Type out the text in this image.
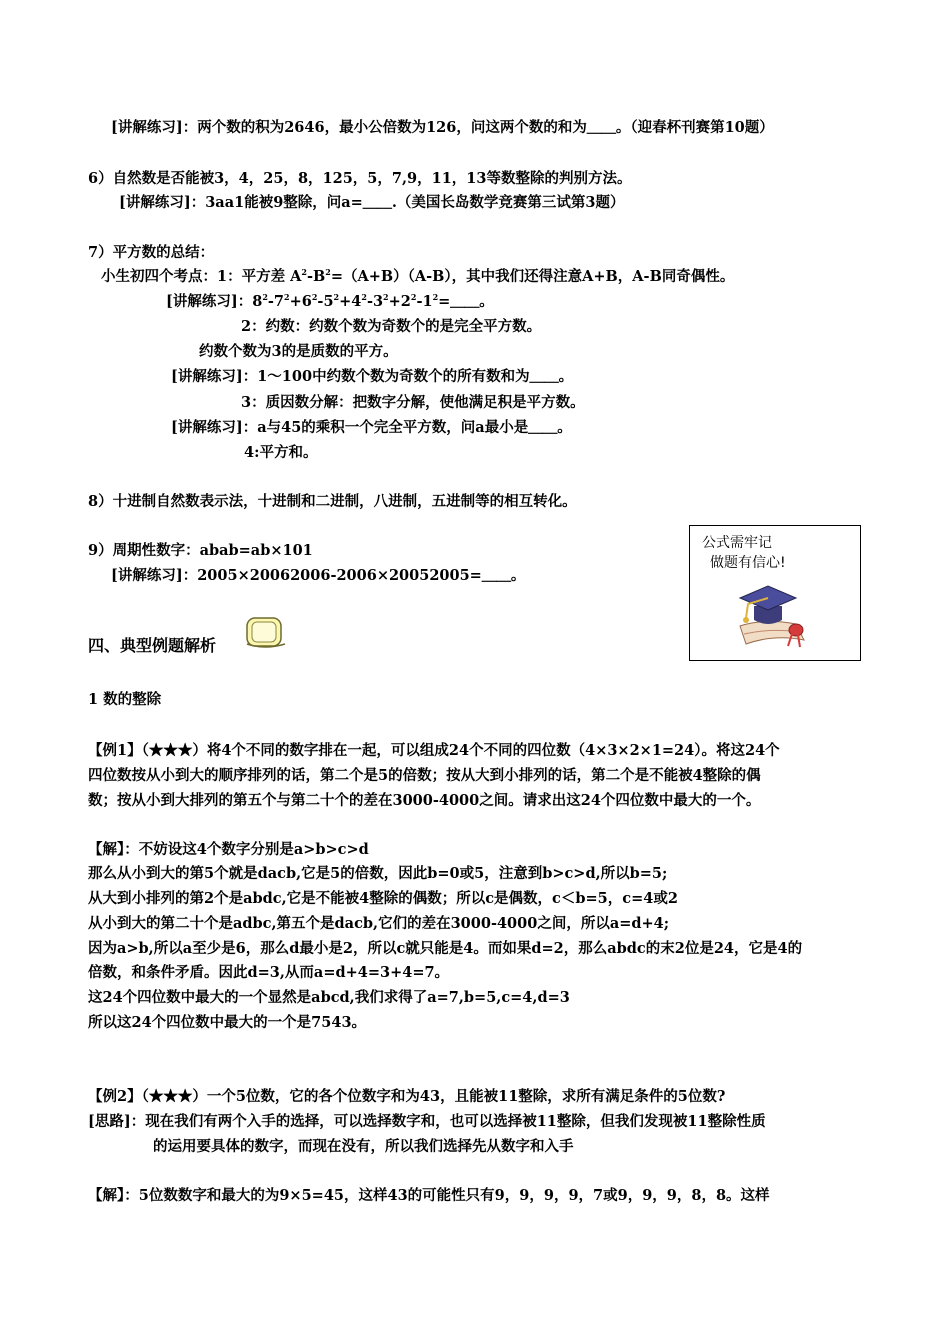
[讲解练习]：两个数的积为2646，最小公倍数为126，问这两个数的和为＿＿。（迎春杯刊赛第10题）
6）自然数是否能被3，4，25，8，125，5，7,9，11，13等数整除的判别方法。
[讲解练习]：3aa1能被9整除，问a=＿＿.（美国长岛数学竞赛第三试第3题）
7）平方数的总结：
小生初四个考点：1：平方差 $A^2-B^2=(A+B)(A-B)$，其中我们还得注意A+B，A-B同奇偶性。
[讲解练习]：$8^2-7^2+6^2-5^2+4^2-3^2+2^2-1^2=\_\_$。
2：约数：约数个数为奇数个的是完全平方数。
约数个数为3的是质数的平方。
[讲解练习]：1～100中约数个数为奇数个的所有数和为＿＿。
3：质因数分解：把数字分解，使他满足积是平方数。
[讲解练习]：a与45的乘积一个完全平方数，问a最小是＿＿。
4:平方和。
8）十进制自然数表示法，十进制和二进制，八进制，五进制等的相互转化。
9）周期性数字：abab=ab×101
[讲解练习]：2005×20062006-2006×20052005=＿＿。
公式需牢记
做题有信心!
四、典型例题解析
1 数的整除
【例1】（★★★）将4个不同的数字排在一起，可以组成24个不同的四位数（4×3×2×1=24）。将这24个
四位数按从小到大的顺序排列的话，第二个是5的倍数；按从大到小排列的话，第二个是不能被4整除的偶
数；按从小到大排列的第五个与第二十个的差在3000-4000之间。请求出这24个四位数中最大的一个。
【解】：不妨设这4个数字分别是a>b>c>d
那么从小到大的第5个就是dacb,它是5的倍数，因此b=0或5，注意到b>c>d,所以b=5;
从大到小排列的第2个是abdc,它是不能被4整除的偶数；所以c是偶数，c＜b=5，c=4或2
从小到大的第二十个是adbc,第五个是dacb,它们的差在3000-4000之间，所以a=d+4;
因为a>b,所以a至少是6，那么d最小是2，所以c就只能是4。而如果d=2，那么abdc的末2位是24，它是4的
倍数，和条件矛盾。因此d=3,从而a=d+4=3+4=7。
这24个四位数中最大的一个显然是abcd,我们求得了a=7,b=5,c=4,d=3
所以这24个四位数中最大的一个是7543。
【例2】（★★★）一个5位数，它的各个位数字和为43，且能被11整除，求所有满足条件的5位数?
[思路]：现在我们有两个入手的选择，可以选择数字和，也可以选择被11整除，但我们发现被11整除性质
的运用要具体的数字，而现在没有，所以我们选择先从数字和入手
【解】：5位数数字和最大的为9×5=45，这样43的可能性只有9，9，9，9，7或9，9，9，8，8。这样
